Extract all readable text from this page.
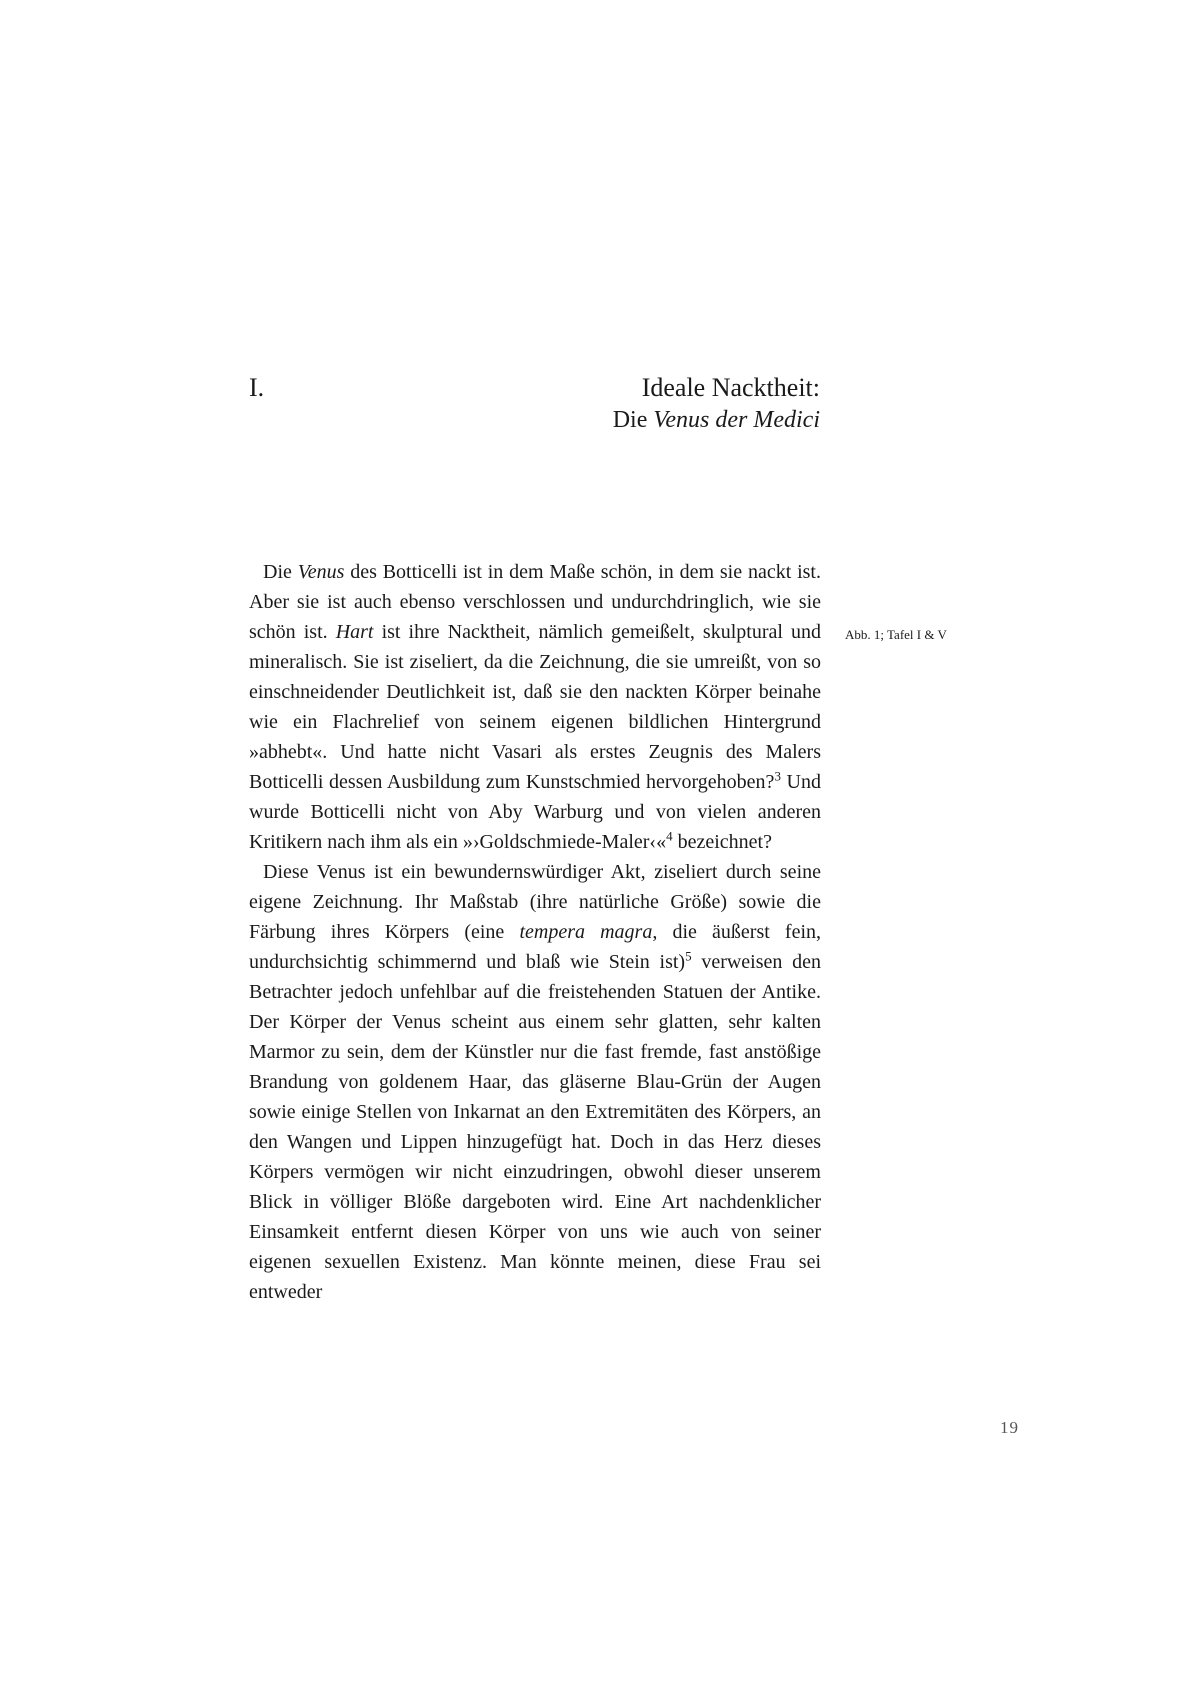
I.	Ideale Nacktheit:
Die Venus der Medici

Die Venus des Botticelli ist in dem Maße schön, in dem sie nackt ist. Aber sie ist auch ebenso verschlossen und undurchdringlich, wie sie schön ist. Hart ist ihre Nacktheit, nämlich gemeißelt, skulptural und mineralisch. Sie ist ziseliert, da die Zeichnung, die sie umreißt, von so einschneidender Deutlichkeit ist, daß sie den nackten Körper beinahe wie ein Flachrelief von seinem eigenen bildlichen Hintergrund »abhebt«. Und hatte nicht Vasari als erstes Zeugnis des Malers Botticelli dessen Ausbildung zum Kunstschmied hervorgehoben?$^3$ Und wurde Botticelli nicht von Aby Warburg und von vielen anderen Kritikern nach ihm als ein »›Goldschmiede-Maler‹«$^4$ bezeichnet?

Diese Venus ist ein bewundernswürdiger Akt, ziseliert durch seine eigene Zeichnung. Ihr Maßstab (ihre natürliche Größe) sowie die Färbung ihres Körpers (eine tempera magra, die äußerst fein, undurchsichtig schimmernd und blaß wie Stein ist)$^5$ verweisen den Betrachter jedoch unfehlbar auf die freistehenden Statuen der Antike. Der Körper der Venus scheint aus einem sehr glatten, sehr kalten Marmor zu sein, dem der Künstler nur die fast fremde, fast anstößige Brandung von goldenem Haar, das gläserne Blau-Grün der Augen sowie einige Stellen von Inkarnat an den Extremitäten des Körpers, an den Wangen und Lippen hinzugefügt hat. Doch in das Herz dieses Körpers vermögen wir nicht einzudringen, obwohl dieser unserem Blick in völliger Blöße dargeboten wird. Eine Art nachdenklicher Einsamkeit entfernt diesen Körper von uns wie auch von seiner eigenen sexuellen Existenz. Man könnte meinen, diese Frau sei entweder

Abb. 1; Tafel I & V
19
